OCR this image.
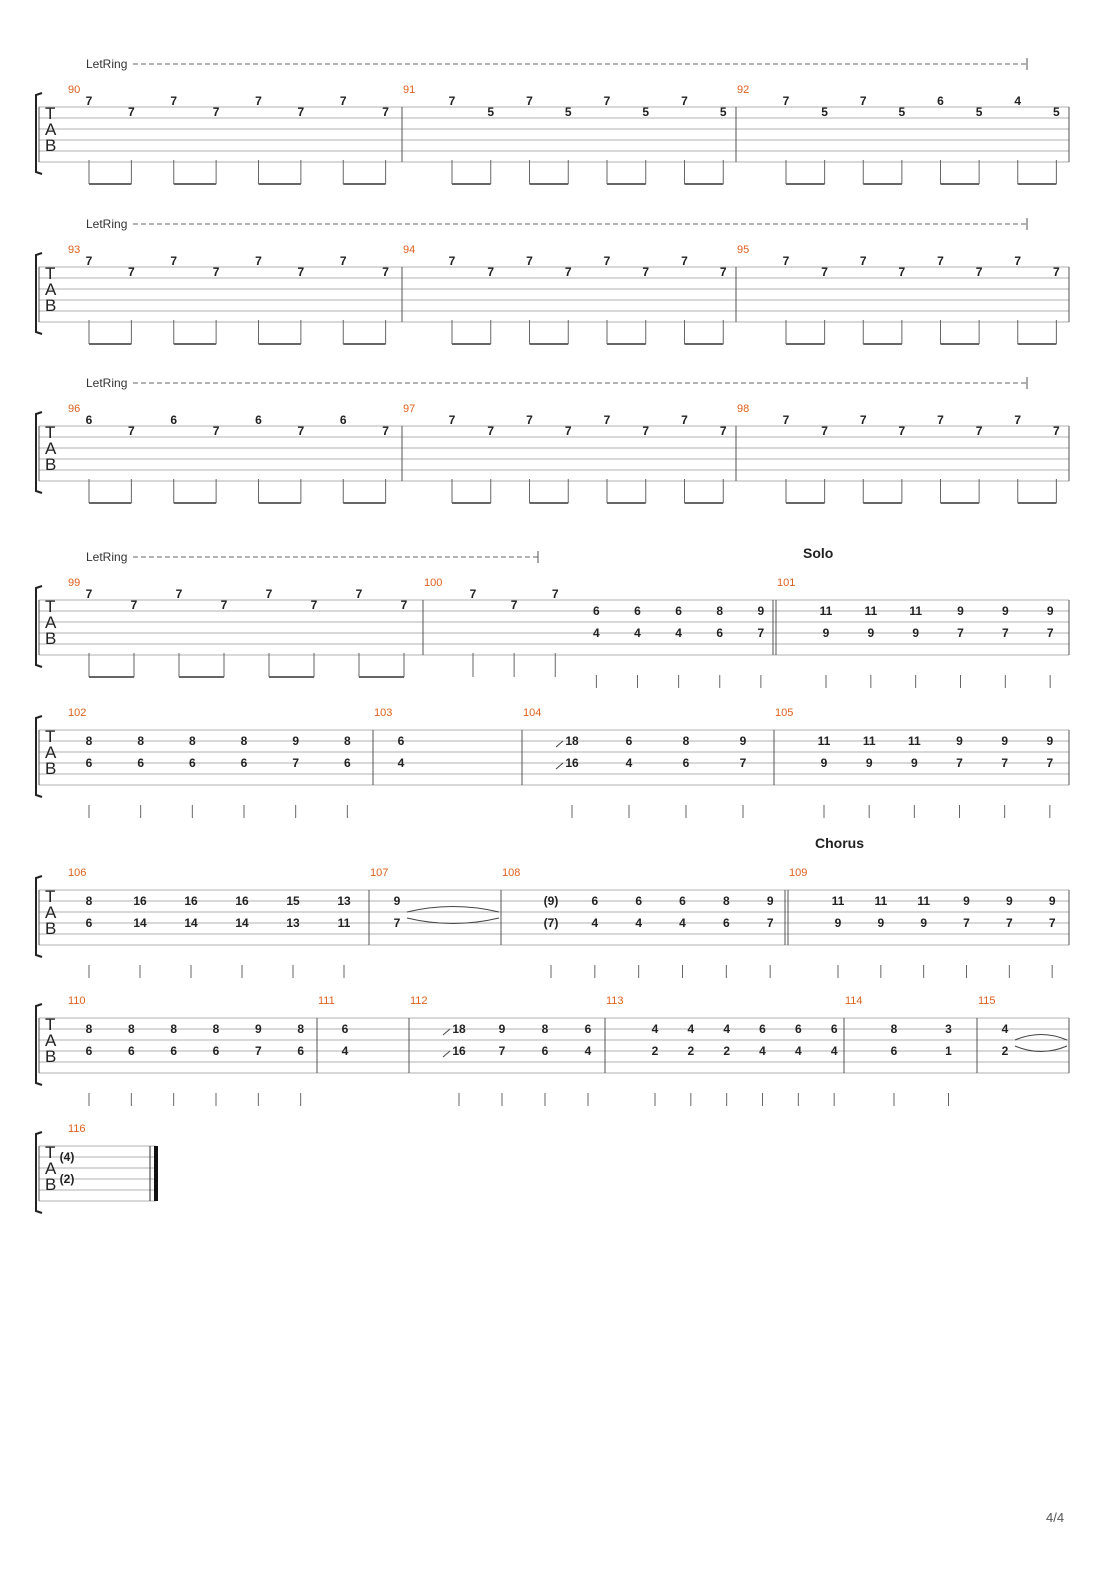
LetRing
T
A
B
90
7
7
7
7
7
7
7
7
91
7
5
7
5
7
5
7
5
92
7
5
7
5
6
5
4
5
LetRing
T
A
B
93
7
7
7
7
7
7
7
7
94
7
7
7
7
7
7
7
7
95
7
7
7
7
7
7
7
7
LetRing
T
A
B
96
6
7
6
7
6
7
6
7
97
7
7
7
7
7
7
7
7
98
7
7
7
7
7
7
7
7
LetRing	Solo
T
A
B
99
7
7
7
7
7
7
7
7
100
7
7
7
6
4
6
4
6
4
8
6
9
7
101
11
9
11
9
11
9
9
7
9
7
9
7
T
A
B
102
8
6
8
6
8
6
8
6
9
7
8
6
103
6
4
104
18
16
6
4
8
6
9
7
105
11
9
11
9
11
9
9
7
9
7
9
7
Chorus
T
A
B
106
8
6
16
14
16
14
16
14
15
13
13
11
107
9
7
108
(9)
(7)
6
4
6
4
6
4
8
6
9
7
109
11
9
11
9
11
9
9
7
9
7
9
7
T
A
B
110
8
6
8
6
8
6
8
6
9
7
8
6
111
6
4
112
18
16
9
7
8
6
6
4
113
4
2
4
2
4
2
6
4
6
4
6
4
114
8
6
3
1
115
4
2
T
A
B
116
(4)
(2)
4/4
